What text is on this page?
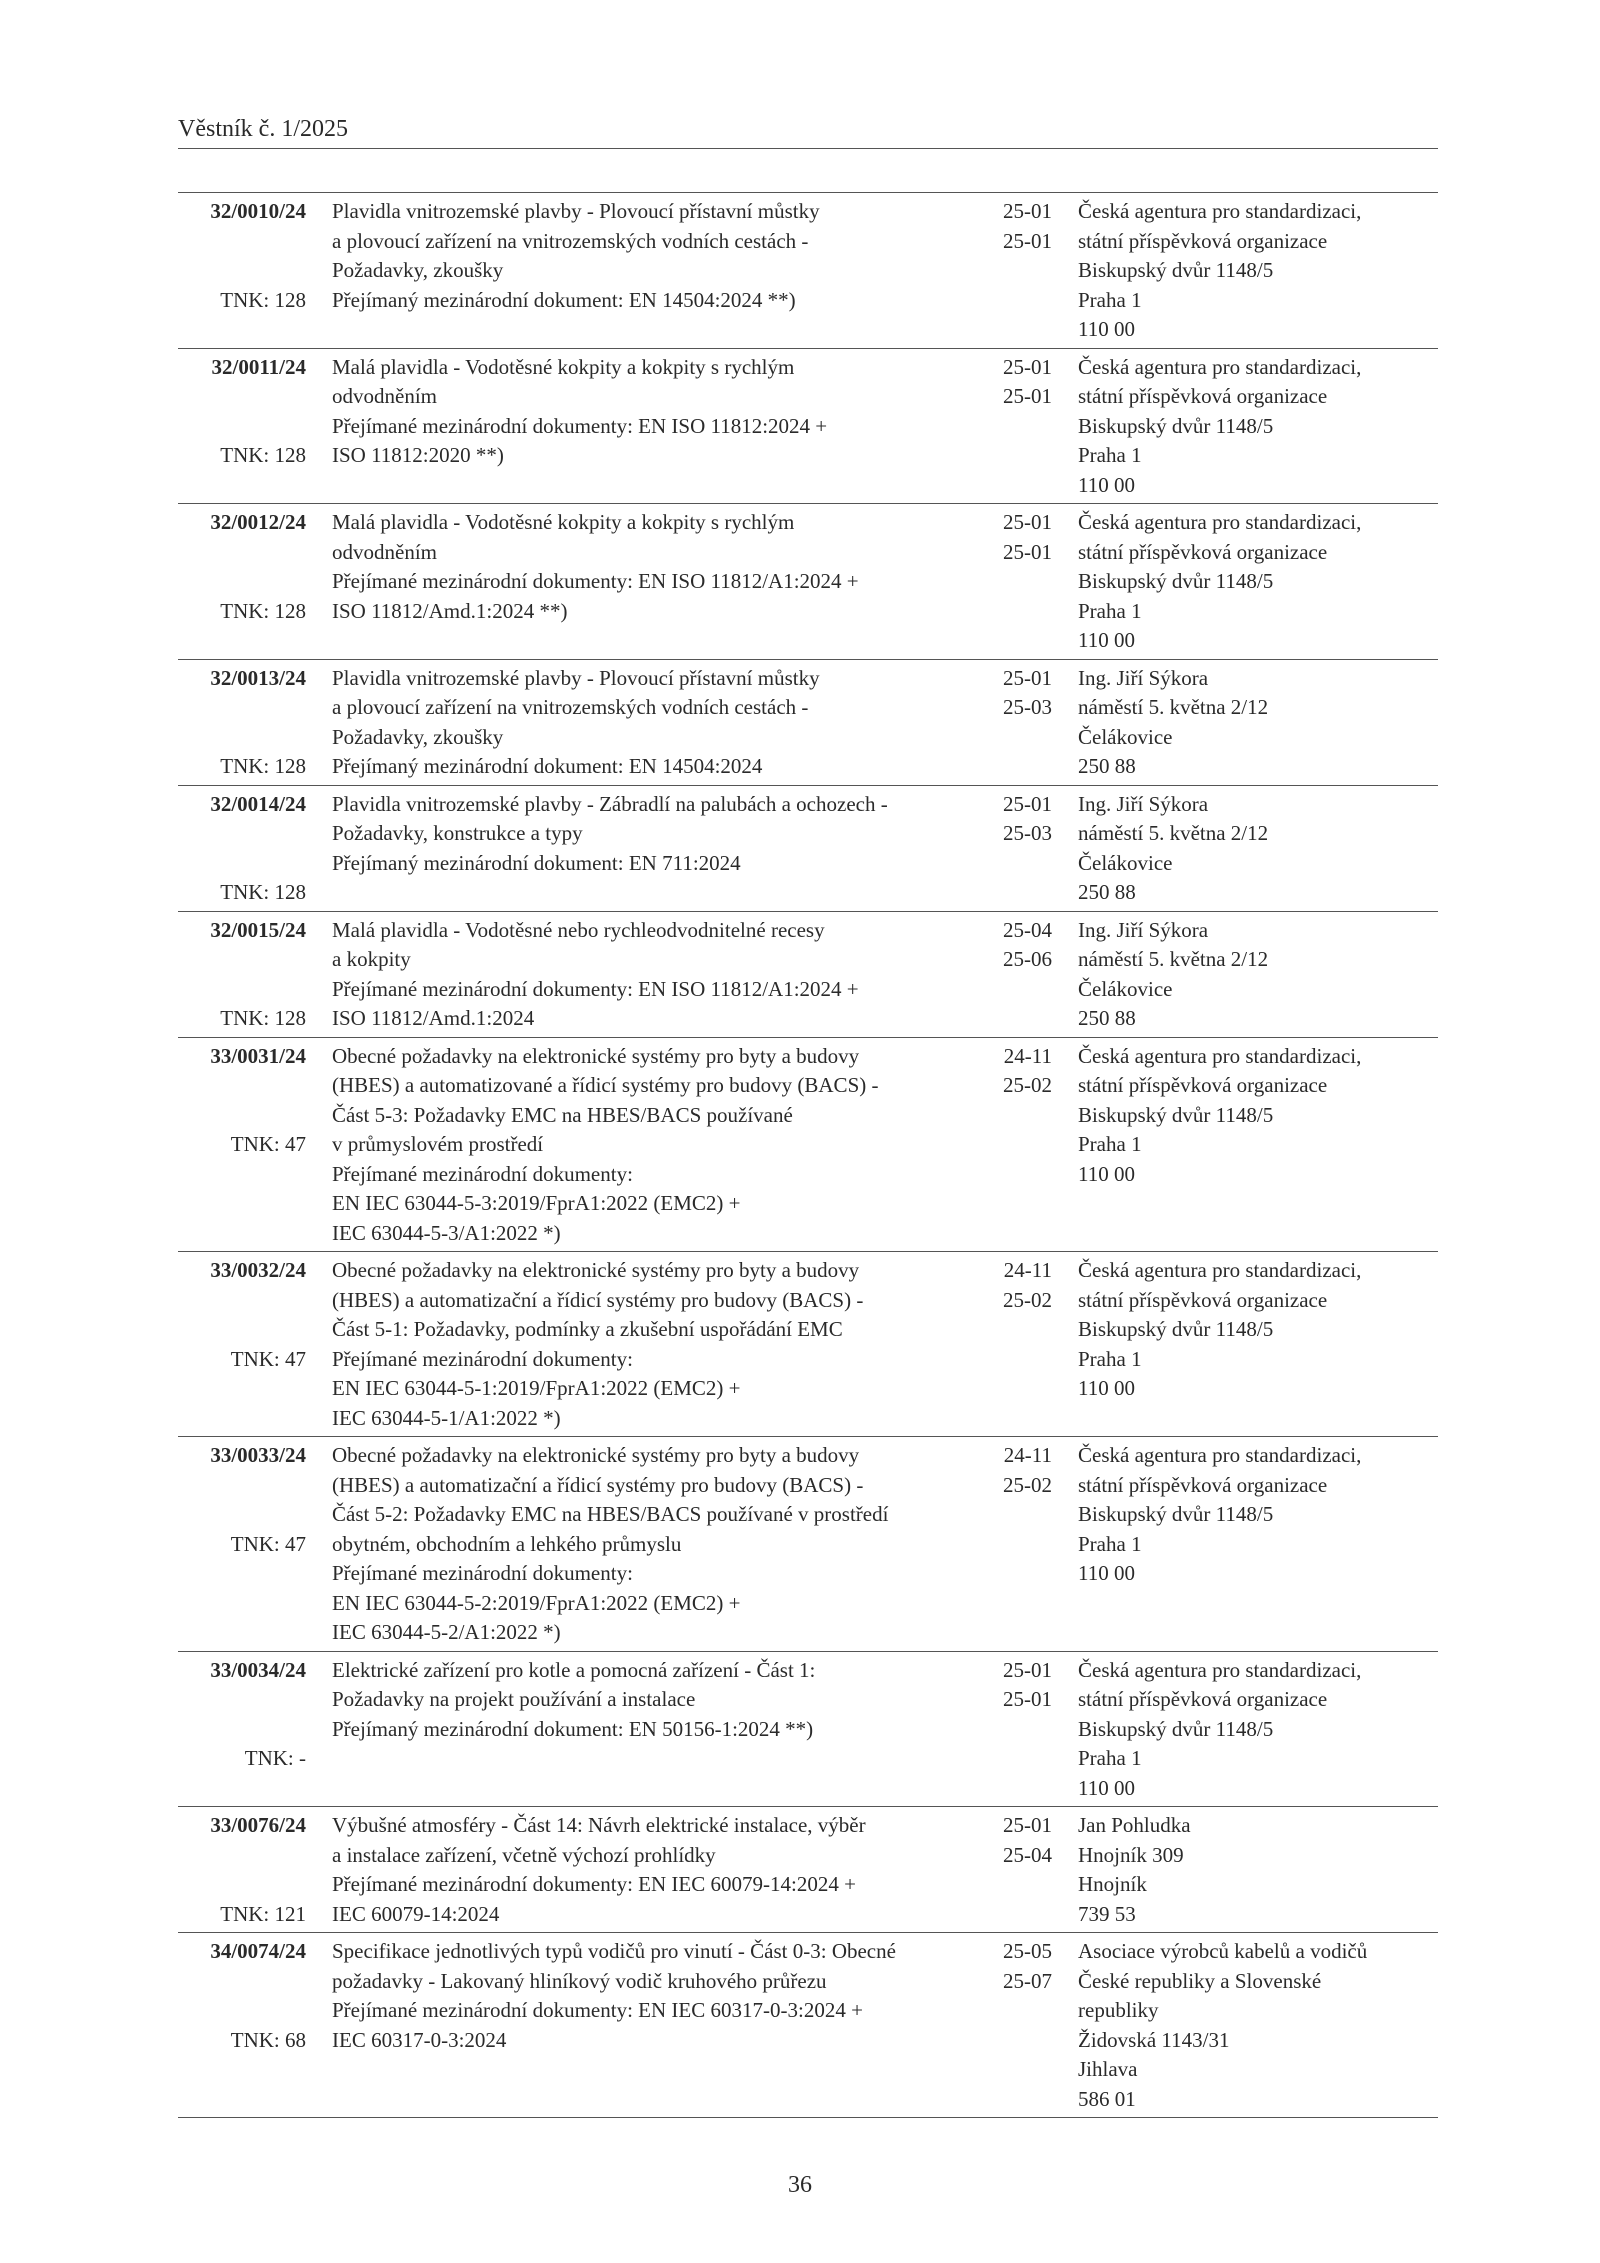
Věstník č. 1/2025
32/0010/24
TNK: 128
Plavidla vnitrozemské plavby - Plovoucí přístavní můstky
a plovoucí zařízení na vnitrozemských vodních cestách -
Požadavky, zkoušky
Přejímaný mezinárodní dokument: EN 14504:2024 **)
25-01
25-01
Česká agentura pro standardizaci,
státní příspěvková organizace
Biskupský dvůr 1148/5
Praha 1
110 00
32/0011/24
TNK: 128
Malá plavidla - Vodotěsné kokpity a kokpity s rychlým
odvodněním
Přejímané mezinárodní dokumenty: EN ISO 11812:2024 +
ISO 11812:2020 **)
25-01
25-01
Česká agentura pro standardizaci,
státní příspěvková organizace
Biskupský dvůr 1148/5
Praha 1
110 00
32/0012/24
TNK: 128
Malá plavidla - Vodotěsné kokpity a kokpity s rychlým
odvodněním
Přejímané mezinárodní dokumenty: EN ISO 11812/A1:2024 +
ISO 11812/Amd.1:2024 **)
25-01
25-01
Česká agentura pro standardizaci,
státní příspěvková organizace
Biskupský dvůr 1148/5
Praha 1
110 00
32/0013/24
TNK: 128
Plavidla vnitrozemské plavby - Plovoucí přístavní můstky
a plovoucí zařízení na vnitrozemských vodních cestách -
Požadavky, zkoušky
Přejímaný mezinárodní dokument: EN 14504:2024
25-01
25-03
Ing. Jiří Sýkora
náměstí 5. května 2/12
Čelákovice
250 88
32/0014/24
TNK: 128
Plavidla vnitrozemské plavby - Zábradlí na palubách a ochozech -
Požadavky, konstrukce a typy
Přejímaný mezinárodní dokument: EN 711:2024
25-01
25-03
Ing. Jiří Sýkora
náměstí 5. května 2/12
Čelákovice
250 88
32/0015/24
TNK: 128
Malá plavidla - Vodotěsné nebo rychleodvodnitelné recesy
a kokpity
Přejímané mezinárodní dokumenty: EN ISO 11812/A1:2024 +
ISO 11812/Amd.1:2024
25-04
25-06
Ing. Jiří Sýkora
náměstí 5. května 2/12
Čelákovice
250 88
33/0031/24
TNK: 47
Obecné požadavky na elektronické systémy pro byty a budovy
(HBES) a automatizované a řídicí systémy pro budovy (BACS) -
Část 5-3: Požadavky EMC na HBES/BACS používané
v průmyslovém prostředí
Přejímané mezinárodní dokumenty:
EN IEC 63044-5-3:2019/FprA1:2022 (EMC2) +
IEC 63044-5-3/A1:2022 *)
24-11
25-02
Česká agentura pro standardizaci,
státní příspěvková organizace
Biskupský dvůr 1148/5
Praha 1
110 00
33/0032/24
TNK: 47
Obecné požadavky na elektronické systémy pro byty a budovy
(HBES) a automatizační a řídicí systémy pro budovy (BACS) -
Část 5-1: Požadavky, podmínky a zkušební uspořádání EMC
Přejímané mezinárodní dokumenty:
EN IEC 63044-5-1:2019/FprA1:2022 (EMC2) +
IEC 63044-5-1/A1:2022 *)
24-11
25-02
Česká agentura pro standardizaci,
státní příspěvková organizace
Biskupský dvůr 1148/5
Praha 1
110 00
33/0033/24
TNK: 47
Obecné požadavky na elektronické systémy pro byty a budovy
(HBES) a automatizační a řídicí systémy pro budovy (BACS) -
Část 5-2: Požadavky EMC na HBES/BACS používané v prostředí
obytném, obchodním a lehkého průmyslu
Přejímané mezinárodní dokumenty:
EN IEC 63044-5-2:2019/FprA1:2022 (EMC2) +
IEC 63044-5-2/A1:2022 *)
24-11
25-02
Česká agentura pro standardizaci,
státní příspěvková organizace
Biskupský dvůr 1148/5
Praha 1
110 00
33/0034/24
TNK: -
Elektrické zařízení pro kotle a pomocná zařízení - Část 1:
Požadavky na projekt používání a instalace
Přejímaný mezinárodní dokument: EN 50156-1:2024 **)
25-01
25-01
Česká agentura pro standardizaci,
státní příspěvková organizace
Biskupský dvůr 1148/5
Praha 1
110 00
33/0076/24
TNK: 121
Výbušné atmosféry - Část 14: Návrh elektrické instalace, výběr
a instalace zařízení, včetně výchozí prohlídky
Přejímané mezinárodní dokumenty: EN IEC 60079-14:2024 +
IEC 60079-14:2024
25-01
25-04
Jan Pohludka
Hnojník 309
Hnojník
739 53
34/0074/24
TNK: 68
Specifikace jednotlivých typů vodičů pro vinutí - Část 0-3: Obecné
požadavky - Lakovaný hliníkový vodič kruhového průřezu
Přejímané mezinárodní dokumenty: EN IEC 60317-0-3:2024 +
IEC 60317-0-3:2024
25-05
25-07
Asociace výrobců kabelů a vodičů
České republiky a Slovenské
republiky
Židovská 1143/31
Jihlava
586 01
36
